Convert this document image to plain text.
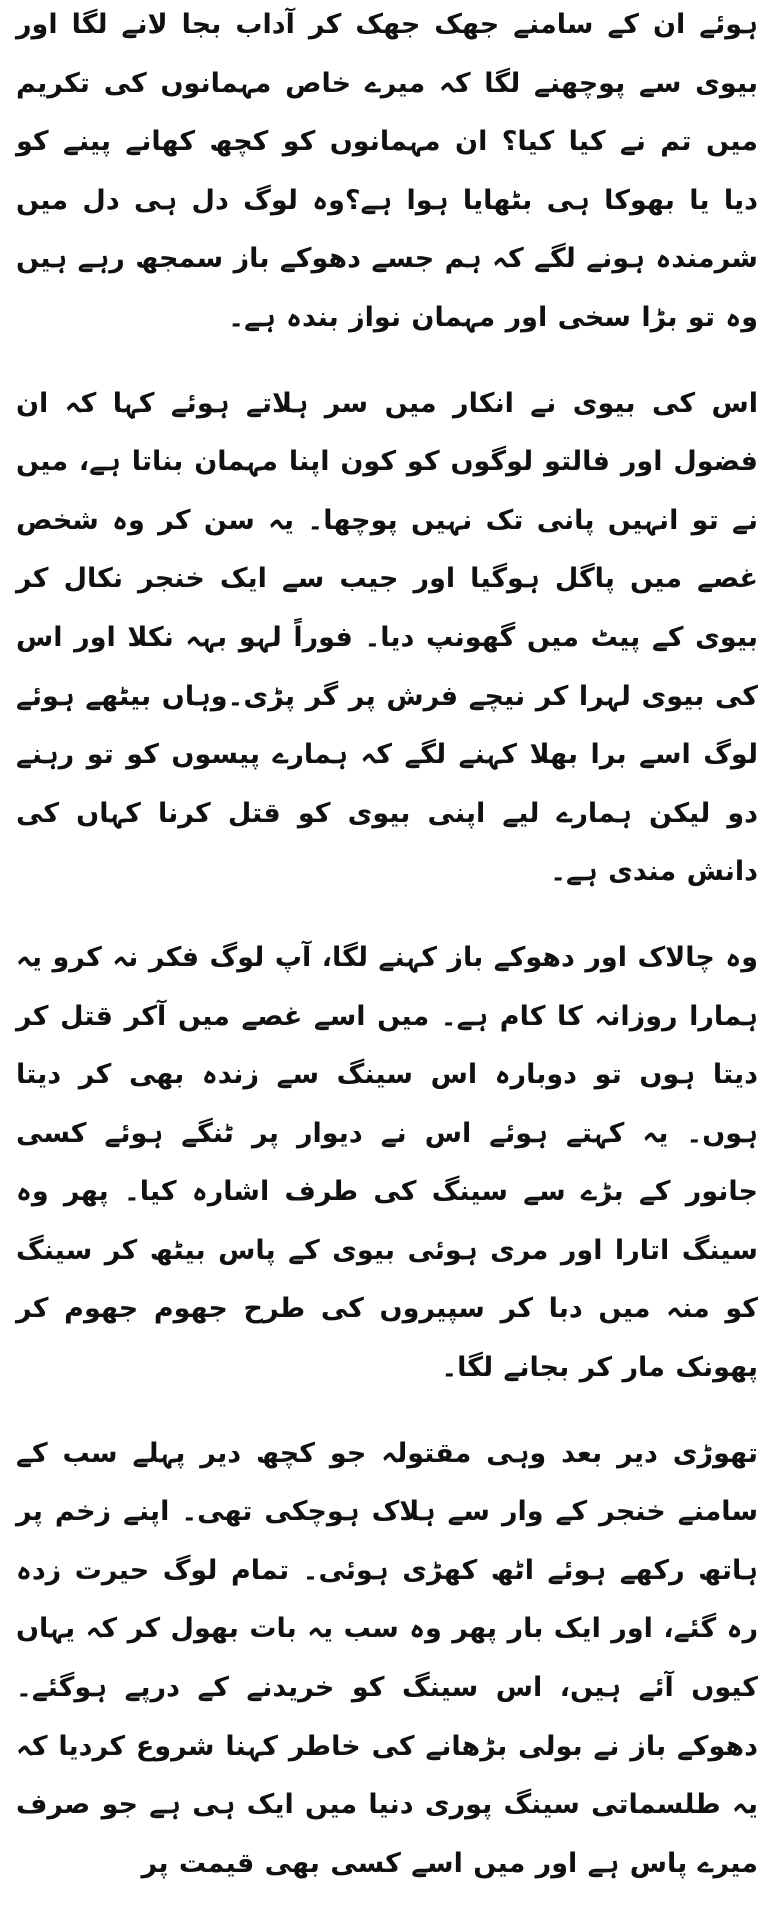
ہوئے ان کے سامنے جھک جھک کر آداب بجا لانے لگا اور بیوی سے پوچھنے لگا کہ میرے خاص مہمانوں کی تکریم میں تم نے کیا کیا؟ ان مہمانوں کو کچھ کھانے پینے کو دیا یا بھوکا ہی بٹھایا ہوا ہے؟وہ لوگ دل ہی دل میں شرمندہ ہونے لگے کہ ہم جسے دھوکے باز سمجھ رہے ہیں وہ تو بڑا سخی اور مہمان نواز بندہ ہے۔

اس کی بیوی نے انکار میں سر ہلاتے ہوئے کہا کہ ان فضول اور فالتو لوگوں کو کون اپنا مہمان بناتا ہے، میں نے تو انہیں پانی تک نہیں پوچھا۔ یہ سن کر وہ شخص غصے میں پاگل ہوگیا اور جیب سے ایک خنجر نکال کر بیوی کے پیٹ میں گھونپ دیا۔ فوراً لہو بہہ نکلا اور اس کی بیوی لہرا کر نیچے فرش پر گر پڑی۔وہاں بیٹھے ہوئے لوگ اسے برا بھلا کہنے لگے کہ ہمارے پیسوں کو تو رہنے دو لیکن ہمارے لیے اپنی بیوی کو قتل کرنا کہاں کی دانش مندی ہے۔

وہ چالاک اور دھوکے باز کہنے لگا، آپ لوگ فکر نہ کرو یہ ہمارا روزانہ کا کام ہے۔ میں اسے غصے میں آکر قتل کر دیتا ہوں تو دوبارہ اس سینگ سے زندہ بھی کر دیتا ہوں۔ یہ کہتے ہوئے اس نے دیوار پر ٹنگے ہوئے کسی جانور کے بڑے سے سینگ کی طرف اشارہ کیا۔ پھر وہ سینگ اتارا اور مری ہوئی بیوی کے پاس بیٹھ کر سینگ کو منہ میں دبا کر سپیروں کی طرح جھوم جھوم کر پھونک مار کر بجانے لگا۔

تھوڑی دیر بعد وہی مقتولہ جو کچھ دیر پہلے سب کے سامنے خنجر کے وار سے ہلاک ہوچکی تھی۔ اپنے زخم پر ہاتھ رکھے ہوئے اٹھ کھڑی ہوئی۔ تمام لوگ حیرت زدہ رہ گئے، اور ایک بار پھر وہ سب یہ بات بھول کر کہ یہاں کیوں آئے ہیں، اس سینگ کو خریدنے کے درپے ہوگئے۔ دھوکے باز نے بولی بڑھانے کی خاطر کہنا شروع کردیا کہ یہ طلسماتی سینگ پوری دنیا میں ایک ہی ہے جو صرف میرے پاس ہے اور میں اسے کسی بھی قیمت پر
